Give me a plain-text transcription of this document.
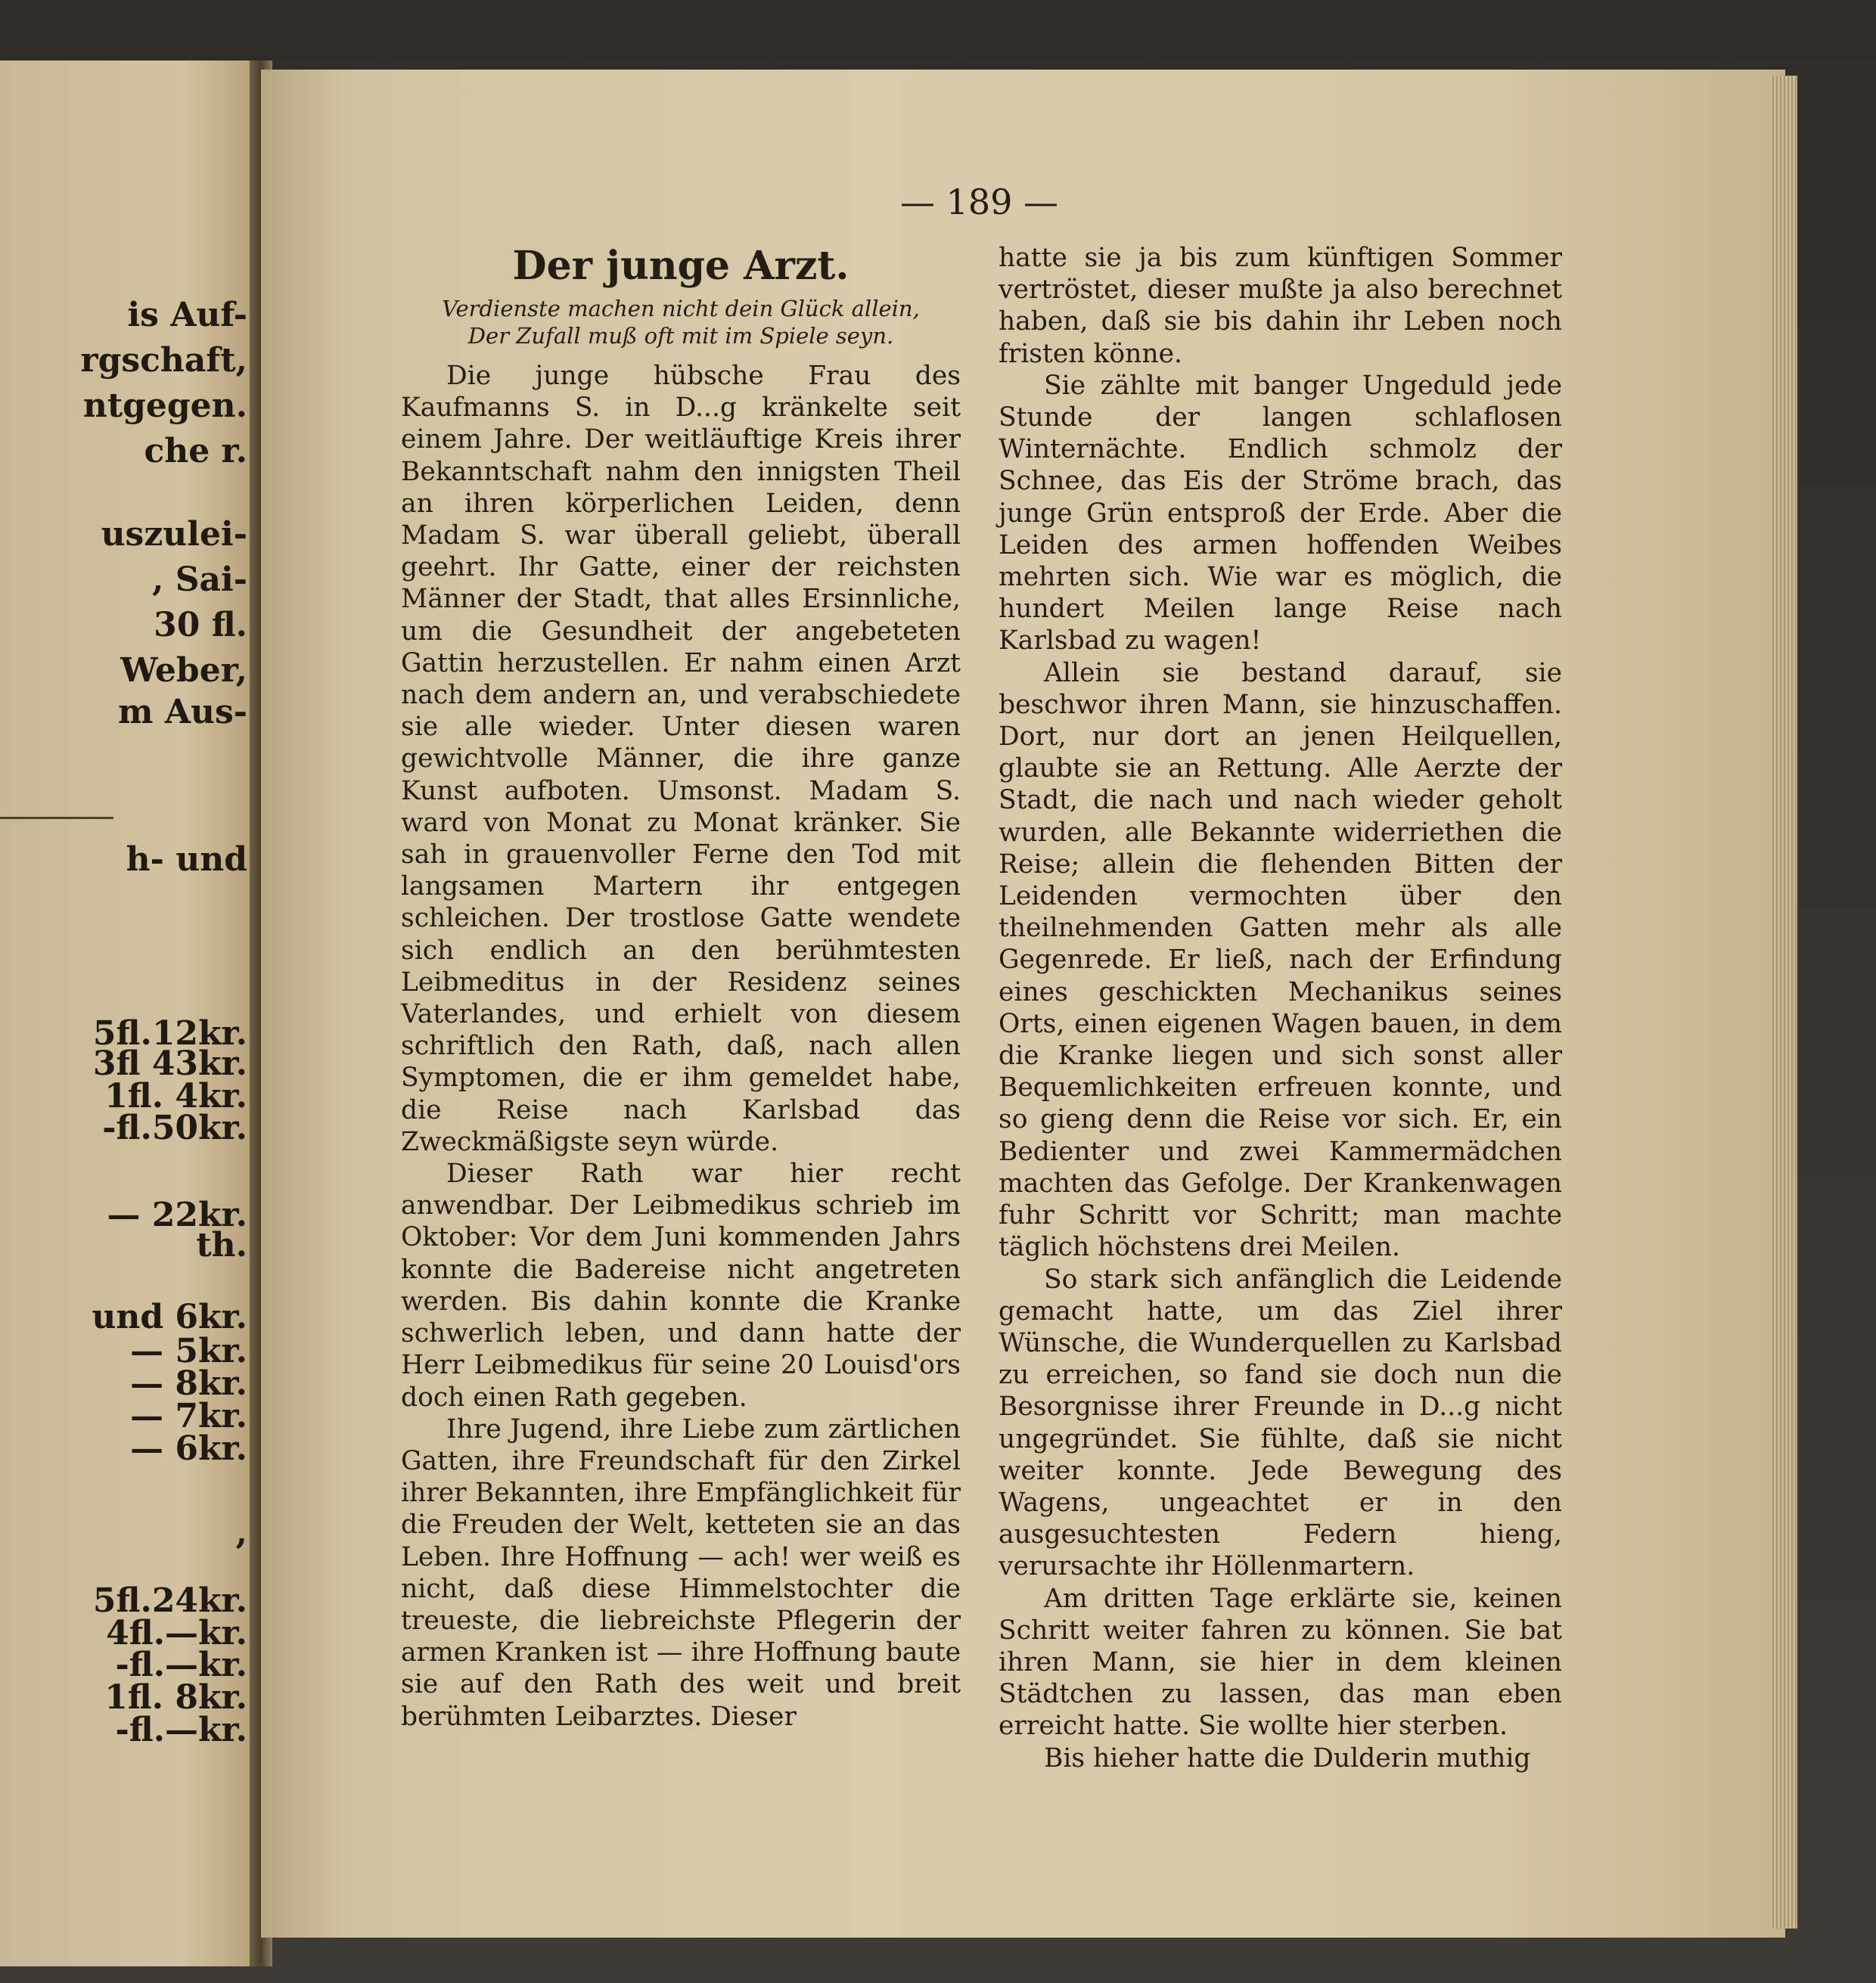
is Auf-
rgschaft,
ntgegen.
che r.
uszulei-
, Sai-
30 fl.
Weber,
m Aus-
h- und
5fl.12kr.
3fl 43kr.
1fl. 4kr.
-fl.50kr.
— 22kr.
th.
und 6kr.
— 5kr.
— 8kr.
— 7kr.
— 6kr.
,
5fl.24kr.
4fl.—kr.
-fl.—kr.
1fl. 8kr.
-fl.—kr.
— 189 —
Der junge Arzt.
Verdienste machen nicht dein Glück allein,
Der Zufall muß oft mit im Spiele seyn.

Die junge hübsche Frau des Kaufmanns S. in D...g kränkelte seit einem Jahre. Der weitläuftige Kreis ihrer Bekanntschaft nahm den innigsten Theil an ihren körperlichen Leiden, denn Madam S. war überall geliebt, überall geehrt. Ihr Gatte, einer der reichsten Männer der Stadt, that alles Ersinnliche, um die Gesundheit der angebeteten Gattin herzustellen. Er nahm einen Arzt nach dem andern an, und verabschiedete sie alle wieder. Unter diesen waren gewichtvolle Männer, die ihre ganze Kunst aufboten. Umsonst. Madam S. ward von Monat zu Monat kränker. Sie sah in grauenvoller Ferne den Tod mit langsamen Martern ihr entgegen schleichen. Der trostlose Gatte wendete sich endlich an den berühmtesten Leibmeditus in der Residenz seines Vaterlandes, und erhielt von diesem schriftlich den Rath, daß, nach allen Symptomen, die er ihm gemeldet habe, die Reise nach Karlsbad das Zweckmäßigste seyn würde.

Dieser Rath war hier recht anwendbar. Der Leibmedikus schrieb im Oktober: Vor dem Juni kommenden Jahrs konnte die Badereise nicht angetreten werden. Bis dahin konnte die Kranke schwerlich leben, und dann hatte der Herr Leibmedikus für seine 20 Louisd'ors doch einen Rath gegeben.

Ihre Jugend, ihre Liebe zum zärtlichen Gatten, ihre Freundschaft für den Zirkel ihrer Bekannten, ihre Empfänglichkeit für die Freuden der Welt, ketteten sie an das Leben. Ihre Hoffnung — ach! wer weiß es nicht, daß diese Himmelstochter die treueste, die liebreichste Pflegerin der armen Kranken ist — ihre Hoffnung baute sie auf den Rath des weit und breit berühmten Leibarztes. Dieser

hatte sie ja bis zum künftigen Sommer vertröstet, dieser mußte ja also berechnet haben, daß sie bis dahin ihr Leben noch fristen könne.

Sie zählte mit banger Ungeduld jede Stunde der langen schlaflosen Winternächte. Endlich schmolz der Schnee, das Eis der Ströme brach, das junge Grün entsproß der Erde. Aber die Leiden des armen hoffenden Weibes mehrten sich. Wie war es möglich, die hundert Meilen lange Reise nach Karlsbad zu wagen!

Allein sie bestand darauf, sie beschwor ihren Mann, sie hinzuschaffen. Dort, nur dort an jenen Heilquellen, glaubte sie an Rettung. Alle Aerzte der Stadt, die nach und nach wieder geholt wurden, alle Bekannte widerriethen die Reise; allein die flehenden Bitten der Leidenden vermochten über den theilnehmenden Gatten mehr als alle Gegenrede. Er ließ, nach der Erfindung eines geschickten Mechanikus seines Orts, einen eigenen Wagen bauen, in dem die Kranke liegen und sich sonst aller Bequemlichkeiten erfreuen konnte, und so gieng denn die Reise vor sich. Er, ein Bedienter und zwei Kammermädchen machten das Gefolge. Der Krankenwagen fuhr Schritt vor Schritt; man machte täglich höchstens drei Meilen.

So stark sich anfänglich die Leidende gemacht hatte, um das Ziel ihrer Wünsche, die Wunderquellen zu Karlsbad zu erreichen, so fand sie doch nun die Besorgnisse ihrer Freunde in D...g nicht ungegründet. Sie fühlte, daß sie nicht weiter konnte. Jede Bewegung des Wagens, ungeachtet er in den ausgesuchtesten Federn hieng, verursachte ihr Höllenmartern.

Am dritten Tage erklärte sie, keinen Schritt weiter fahren zu können. Sie bat ihren Mann, sie hier in dem kleinen Städtchen zu lassen, das man eben erreicht hatte. Sie wollte hier sterben.

Bis hieher hatte die Dulderin muthig
